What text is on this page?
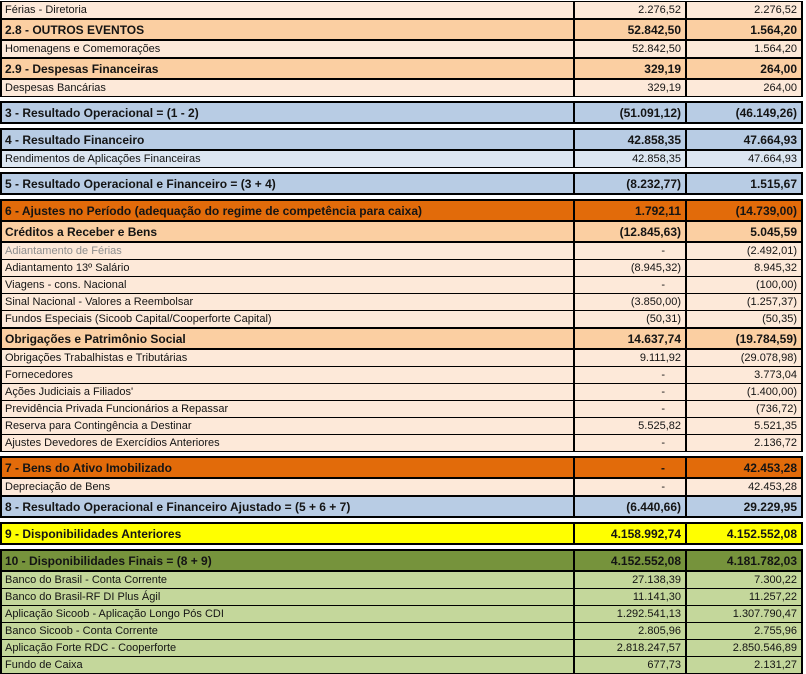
Férias - Diretoria	2.276,52	2.276,52
2.8 - OUTROS EVENTOS	52.842,50	1.564,20
Homenagens e Comemorações	52.842,50	1.564,20
2.9 - Despesas Financeiras	329,19	264,00
Despesas Bancárias	329,19	264,00

3 - Resultado Operacional = (1 - 2)	(51.091,12)	(46.149,26)

4 - Resultado Financeiro	42.858,35	47.664,93
Rendimentos de Aplicações Financeiras	42.858,35	47.664,93

5 - Resultado Operacional e Financeiro = (3 + 4)	(8.232,77)	1.515,67

6 - Ajustes no Período (adequação do regime de competência para caixa)	1.792,11	(14.739,00)
Créditos a Receber e Bens	(12.845,63)	5.045,59
Adiantamento de Férias	-	(2.492,01)
Adiantamento 13º Salário	(8.945,32)	8.945,32
Viagens - cons. Nacional	-	(100,00)
Sinal Nacional - Valores a Reembolsar	(3.850,00)	(1.257,37)
Fundos Especiais (Sicoob Capital/Cooperforte Capital)	(50,31)	(50,35)
Obrigações e Patrimônio Social	14.637,74	(19.784,59)
Obrigações Trabalhistas e Tributárias	9.111,92	(29.078,98)
Fornecedores	-	3.773,04
Ações Judiciais a Filiados'	-	(1.400,00)
Previdência Privada Funcionários a Repassar	-	(736,72)
Reserva para Contingência a Destinar	5.525,82	5.521,35
Ajustes Devedores de Exercídios Anteriores	-	2.136,72

7 - Bens do Ativo Imobilizado	-	42.453,28
Depreciação de Bens	-	42.453,28
8 - Resultado Operacional e Financeiro Ajustado = (5 + 6 + 7)	(6.440,66)	29.229,95

9 - Disponibilidades Anteriores	4.158.992,74	4.152.552,08

10 - Disponibilidades Finais = (8 + 9)	4.152.552,08	4.181.782,03
Banco do Brasil - Conta Corrente	27.138,39	7.300,22
Banco do Brasil-RF DI Plus Ágil	11.141,30	11.257,22
Aplicação Sicoob - Aplicação Longo Pós CDI	1.292.541,13	1.307.790,47
Banco Sicoob - Conta Corrente	2.805,96	2.755,96
Aplicação Forte RDC - Cooperforte	2.818.247,57	2.850.546,89
Fundo de Caixa	677,73	2.131,27
